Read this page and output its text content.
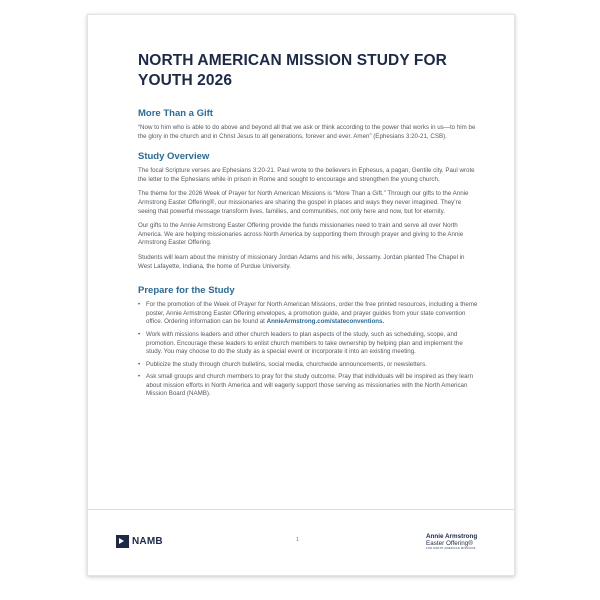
NORTH AMERICAN MISSION STUDY FOR
YOUTH 2026
More Than a Gift

“Now to him who is able to do above and beyond all that we ask or think according to the power that works in us—to him be the glory in the church and in Christ Jesus to all generations, forever and ever. Amen” (Ephesians 3:20-21, CSB).

Study Overview

The focal Scripture verses are Ephesians 3:20-21. Paul wrote to the believers in Ephesus, a pagan, Gentile city. Paul wrote the letter to the Ephesians while in prison in Rome and sought to encourage and strengthen the young church.

The theme for the 2026 Week of Prayer for North American Missions is “More Than a Gift.” Through our gifts to the Annie Armstrong Easter Offering®, our missionaries are sharing the gospel in places and ways they never imagined. They’re seeing that powerful message transform lives, families, and communities, not only here and now, but for eternity.

Our gifts to the Annie Armstrong Easter Offering provide the funds missionaries need to train and serve all over North America. We are helping missionaries across North America by supporting them through prayer and giving to the Annie Armstrong Easter Offering.

Students will learn about the ministry of missionary Jordan Adams and his wife, Jessamy. Jordan planted The Chapel in West Lafayette, Indiana, the home of Purdue University.

Prepare for the Study
• For the promotion of the Week of Prayer for North American Missions, order the free printed resources, including a theme poster, Annie Armstrong Easter Offering envelopes, a promotion guide, and prayer guides from your state convention office. Ordering information can be found at AnnieArmstrong.com/stateconventions.
• Work with missions leaders and other church leaders to plan aspects of the study, such as scheduling, scope, and promotion. Encourage these leaders to enlist church members to take ownership by helping plan and implement the study. You may choose to do the study as a special event or incorporate it into an existing meeting.
• Publicize the study through church bulletins, social media, churchwide announcements, or newsletters.
• Ask small groups and church members to pray for the study outcome. Pray that individuals will be inspired as they learn about mission efforts in North America and will eagerly support those serving as missionaries with the North American Mission Board (NAMB).
NAMB	1	Annie Armstrong
Easter Offering®
FOR NORTH AMERICAN MISSIONS
